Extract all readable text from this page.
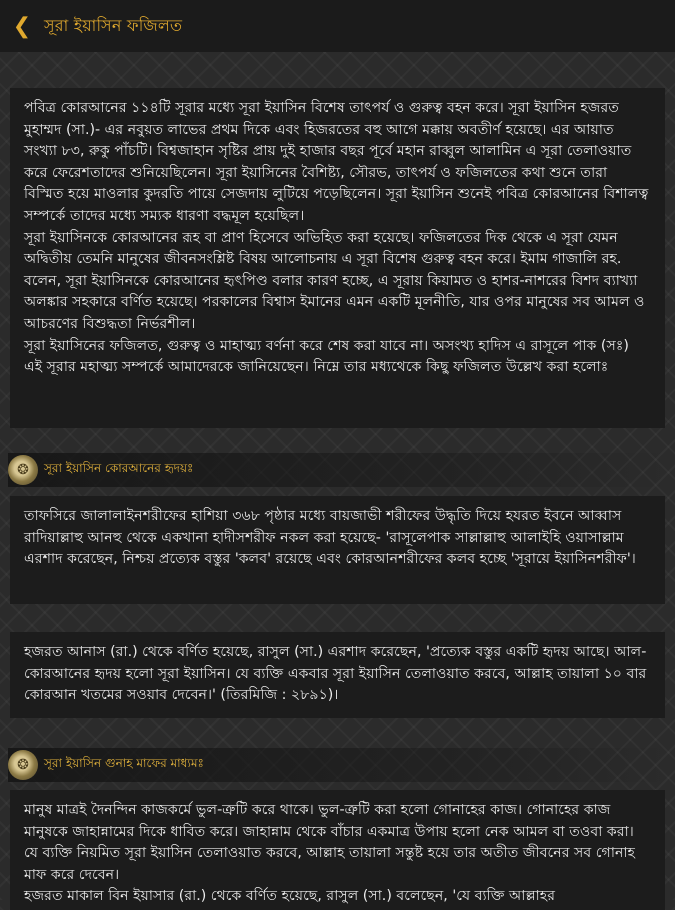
❮ সূরা ইয়াসিন ফজিলত

পবিত্র কোরআনের ১১৪টি সূরার মধ্যে সূরা ইয়াসিন বিশেষ তাৎপর্য ও গুরুত্ব বহন করে। সূরা ইয়াসিন হজরত মুহাম্মদ (সা.)- এর নবুয়ত লাভের প্রথম দিকে এবং হিজরতের বহু আগে মক্কায় অবতীর্ণ হয়েছে। এর আয়াত সংখ্যা ৮৩, রুকু পাঁচটি। বিশ্বজাহান সৃষ্টির প্রায় দুই হাজার বছর পূর্বে মহান রাব্বুল আলামিন এ সূরা তেলাওয়াত করে ফেরেশতাদের শুনিয়েছিলেন। সূরা ইয়াসিনের বৈশিষ্ট্য, সৌরভ, তাৎপর্য ও ফজিলতের কথা শুনে তারা বিস্মিত হয়ে মাওলার কুদরতি পায়ে সেজদায় লুটিয়ে পড়েছিলেন। সূরা ইয়াসিন শুনেই পবিত্র কোরআনের বিশালত্ব সম্পর্কে তাদের মধ্যে সম্যক ধারণা বদ্ধমূল হয়েছিল।

সূরা ইয়াসিনকে কোরআনের রূহ বা প্রাণ হিসেবে অভিহিত করা হয়েছে। ফজিলতের দিক থেকে এ সূরা যেমন অদ্বিতীয় তেমনি মানুষের জীবনসংশ্লিষ্ট বিষয় আলোচনায় এ সূরা বিশেষ গুরুত্ব বহন করে। ইমাম গাজালি রহ. বলেন, সূরা ইয়াসিনকে কোরআনের হৃৎপিণ্ড বলার কারণ হচ্ছে, এ সূরায় কিয়ামত ও হাশর-নাশরের বিশদ ব্যাখ্যা অলঙ্কার সহকারে বর্ণিত হয়েছে। পরকালের বিশ্বাস ইমানের এমন একটি মূলনীতি, যার ওপর মানুষের সব আমল ও আচরণের বিশুদ্ধতা নির্ভরশীল।

সূরা ইয়াসিনের ফজিলত, গুরুত্ব ও মাহাত্ম্য বর্ণনা করে শেষ করা যাবে না। অসংখ্য হাদিস এ রাসূলে পাক (সঃ) এই সূরার মহাত্ম্য সম্পর্কে আমাদেরকে জানিয়েছেন। নিম্নে তার মধ্যথেকে কিছু ফজিলত উল্লেখ করা হলোঃ

❂	সূরা ইয়াসিন কোরআনের হৃদয়ঃ

তাফসিরে জালালাইনশরীফের হাশিয়া ৩৬৮ পৃষ্ঠার মধ্যে বায়জাভী শরীফের উদ্ধৃতি দিয়ে হযরত ইবনে আব্বাস রাদিয়াল্লাহু আনহু থেকে একখানা হাদীসশরীফ নকল করা হয়েছে- 'রাসূলেপাক সাল্লাল্লাহু আলাইহি ওয়াসাল্লাম এরশাদ করেছেন, নিশ্চয় প্রত্যেক বস্তুর 'কলব' রয়েছে এবং কোরআনশরীফের কলব হচ্ছে 'সূরায়ে ইয়াসিনশরীফ'।

হজরত আনাস (রা.) থেকে বর্ণিত হয়েছে, রাসুল (সা.) এরশাদ করেছেন, 'প্রত্যেক বস্তুর একটি হৃদয় আছে। আল-কোরআনের হৃদয় হলো সূরা ইয়াসিন। যে ব্যক্তি একবার সূরা ইয়াসিন তেলাওয়াত করবে, আল্লাহ তায়ালা ১০ বার কোরআন খতমের সওয়াব দেবেন।' (তিরমিজি : ২৮৯১)।

❂	সূরা ইয়াসিন গুনাহ মাফের মাধ্যমঃ

মানুষ মাত্রই দৈনন্দিন কাজকর্মে ভুল-ত্রুটি করে থাকে। ভুল-ত্রুটি করা হলো গোনাহের কাজ। গোনাহের কাজ মানুষকে জাহান্নামের দিকে ধাবিত করে। জাহান্নাম থেকে বাঁচার একমাত্র উপায় হলো নেক আমল বা তওবা করা। যে ব্যক্তি নিয়মিত সূরা ইয়াসিন তেলাওয়াত করবে, আল্লাহ তায়ালা সন্তুষ্ট হয়ে তার অতীত জীবনের সব গোনাহ মাফ করে দেবেন।

হজরত মাকাল বিন ইয়াসার (রা.) থেকে বর্ণিত হয়েছে, রাসুল (সা.) বলেছেন, 'যে ব্যক্তি আল্লাহর
